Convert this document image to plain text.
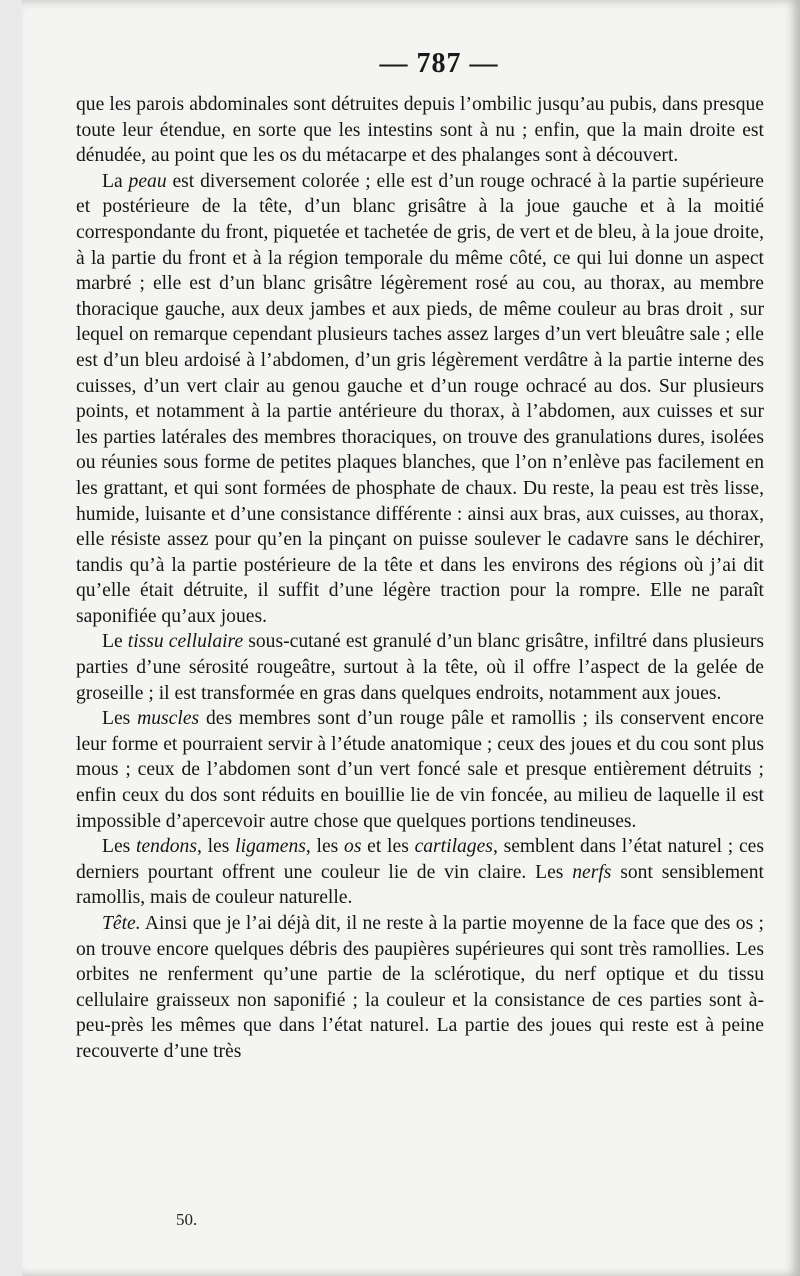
— 787 —

que les parois abdominales sont détruites depuis l’ombilic jusqu’au pubis, dans presque toute leur étendue, en sorte que les intestins sont à nu ; enfin, que la main droite est dénudée, au point que les os du métacarpe et des phalanges sont à découvert.

La peau est diversement colorée ; elle est d’un rouge ochracé à la partie supérieure et postérieure de la tête, d’un blanc grisâtre à la joue gauche et à la moitié correspondante du front, piquetée et tachetée de gris, de vert et de bleu, à la joue droite, à la partie du front et à la région temporale du même côté, ce qui lui donne un aspect marbré ; elle est d’un blanc grisâtre légèrement rosé au cou, au thorax, au membre thoracique gauche, aux deux jambes et aux pieds, de même couleur au bras droit , sur lequel on remarque cependant plusieurs taches assez larges d’un vert bleuâtre sale ; elle est d’un bleu ardoisé à l’abdomen, d’un gris légèrement verdâtre à la partie interne des cuisses, d’un vert clair au genou gauche et d’un rouge ochracé au dos. Sur plusieurs points, et notamment à la partie antérieure du thorax, à l’abdomen, aux cuisses et sur les parties latérales des membres thoraciques, on trouve des granulations dures, isolées ou réunies sous forme de petites plaques blanches, que l’on n’enlève pas facilement en les grattant, et qui sont formées de phosphate de chaux. Du reste, la peau est très lisse, humide, luisante et d’une consistance différente : ainsi aux bras, aux cuisses, au thorax, elle résiste assez pour qu’en la pinçant on puisse soulever le cadavre sans le déchirer, tandis qu’à la partie postérieure de la tête et dans les environs des régions où j’ai dit qu’elle était détruite, il suffit d’une légère traction pour la rompre. Elle ne paraît saponifiée qu’aux joues.

Le tissu cellulaire sous-cutané est granulé d’un blanc grisâtre, infiltré dans plusieurs parties d’une sérosité rougeâtre, surtout à la tête, où il offre l’aspect de la gelée de groseille ; il est transformée en gras dans quelques endroits, notamment aux joues.

Les muscles des membres sont d’un rouge pâle et ramollis ; ils conservent encore leur forme et pourraient servir à l’étude anatomique ; ceux des joues et du cou sont plus mous ; ceux de l’abdomen sont d’un vert foncé sale et presque entièrement détruits ; enfin ceux du dos sont réduits en bouillie lie de vin foncée, au milieu de laquelle il est impossible d’apercevoir autre chose que quelques portions tendineuses.

Les tendons, les ligamens, les os et les cartilages, semblent dans l’état naturel ; ces derniers pourtant offrent une couleur lie de vin claire. Les nerfs sont sensiblement ramollis, mais de couleur naturelle.

Tête. Ainsi que je l’ai déjà dit, il ne reste à la partie moyenne de la face que des os ; on trouve encore quelques débris des paupières supérieures qui sont très ramollies. Les orbites ne renferment qu’une partie de la sclérotique, du nerf optique et du tissu cellulaire graisseux non saponifié ; la couleur et la consistance de ces parties sont à-peu-près les mêmes que dans l’état naturel. La partie des joues qui reste est à peine recouverte d’une très

50.
